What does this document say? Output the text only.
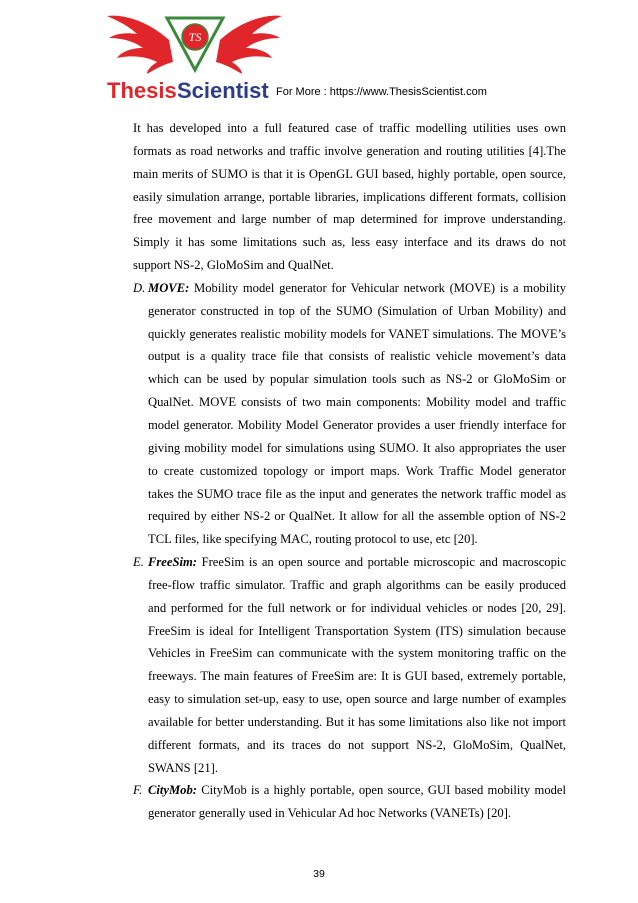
TS
Thesis Scientist For More : https://www.ThesisScientist.com

It has developed into a full featured case of traffic modelling utilities uses own formats as road networks and traffic involve generation and routing utilities [4].The main merits of SUMO is that it is OpenGL GUI based, highly portable, open source, easily simulation arrange, portable libraries, implications different formats, collision free movement and large number of map determined for improve understanding. Simply it has some limitations such as, less easy interface and its draws do not support NS-2, GloMoSim and QualNet.

D. MOVE: Mobility model generator for Vehicular network (MOVE) is a mobility generator constructed in top of the SUMO (Simulation of Urban Mobility) and quickly generates realistic mobility models for VANET simulations. The MOVE’s output is a quality trace file that consists of realistic vehicle movement’s data which can be used by popular simulation tools such as NS-2 or GloMoSim or QualNet. MOVE consists of two main components: Mobility model and traffic model generator. Mobility Model Generator provides a user friendly interface for giving mobility model for simulations using SUMO. It also appropriates the user to create customized topology or import maps. Work Traffic Model generator takes the SUMO trace file as the input and generates the network traffic model as required by either NS-2 or QualNet. It allow for all the assemble option of NS-2 TCL files, like specifying MAC, routing protocol to use, etc [20].
E. FreeSim: FreeSim is an open source and portable microscopic and macroscopic free-flow traffic simulator. Traffic and graph algorithms can be easily produced and performed for the full network or for individual vehicles or nodes [20, 29]. FreeSim is ideal for Intelligent Transportation System (ITS) simulation because Vehicles in FreeSim can communicate with the system monitoring traffic on the freeways. The main features of FreeSim are: It is GUI based, extremely portable, easy to simulation set-up, easy to use, open source and large number of examples available for better understanding. But it has some limitations also like not import different formats, and its traces do not support NS-2, GloMoSim, QualNet, SWANS [21].
F. CityMob: CityMob is a highly portable, open source, GUI based mobility model generator generally used in Vehicular Ad hoc Networks (VANETs) [20].
39
